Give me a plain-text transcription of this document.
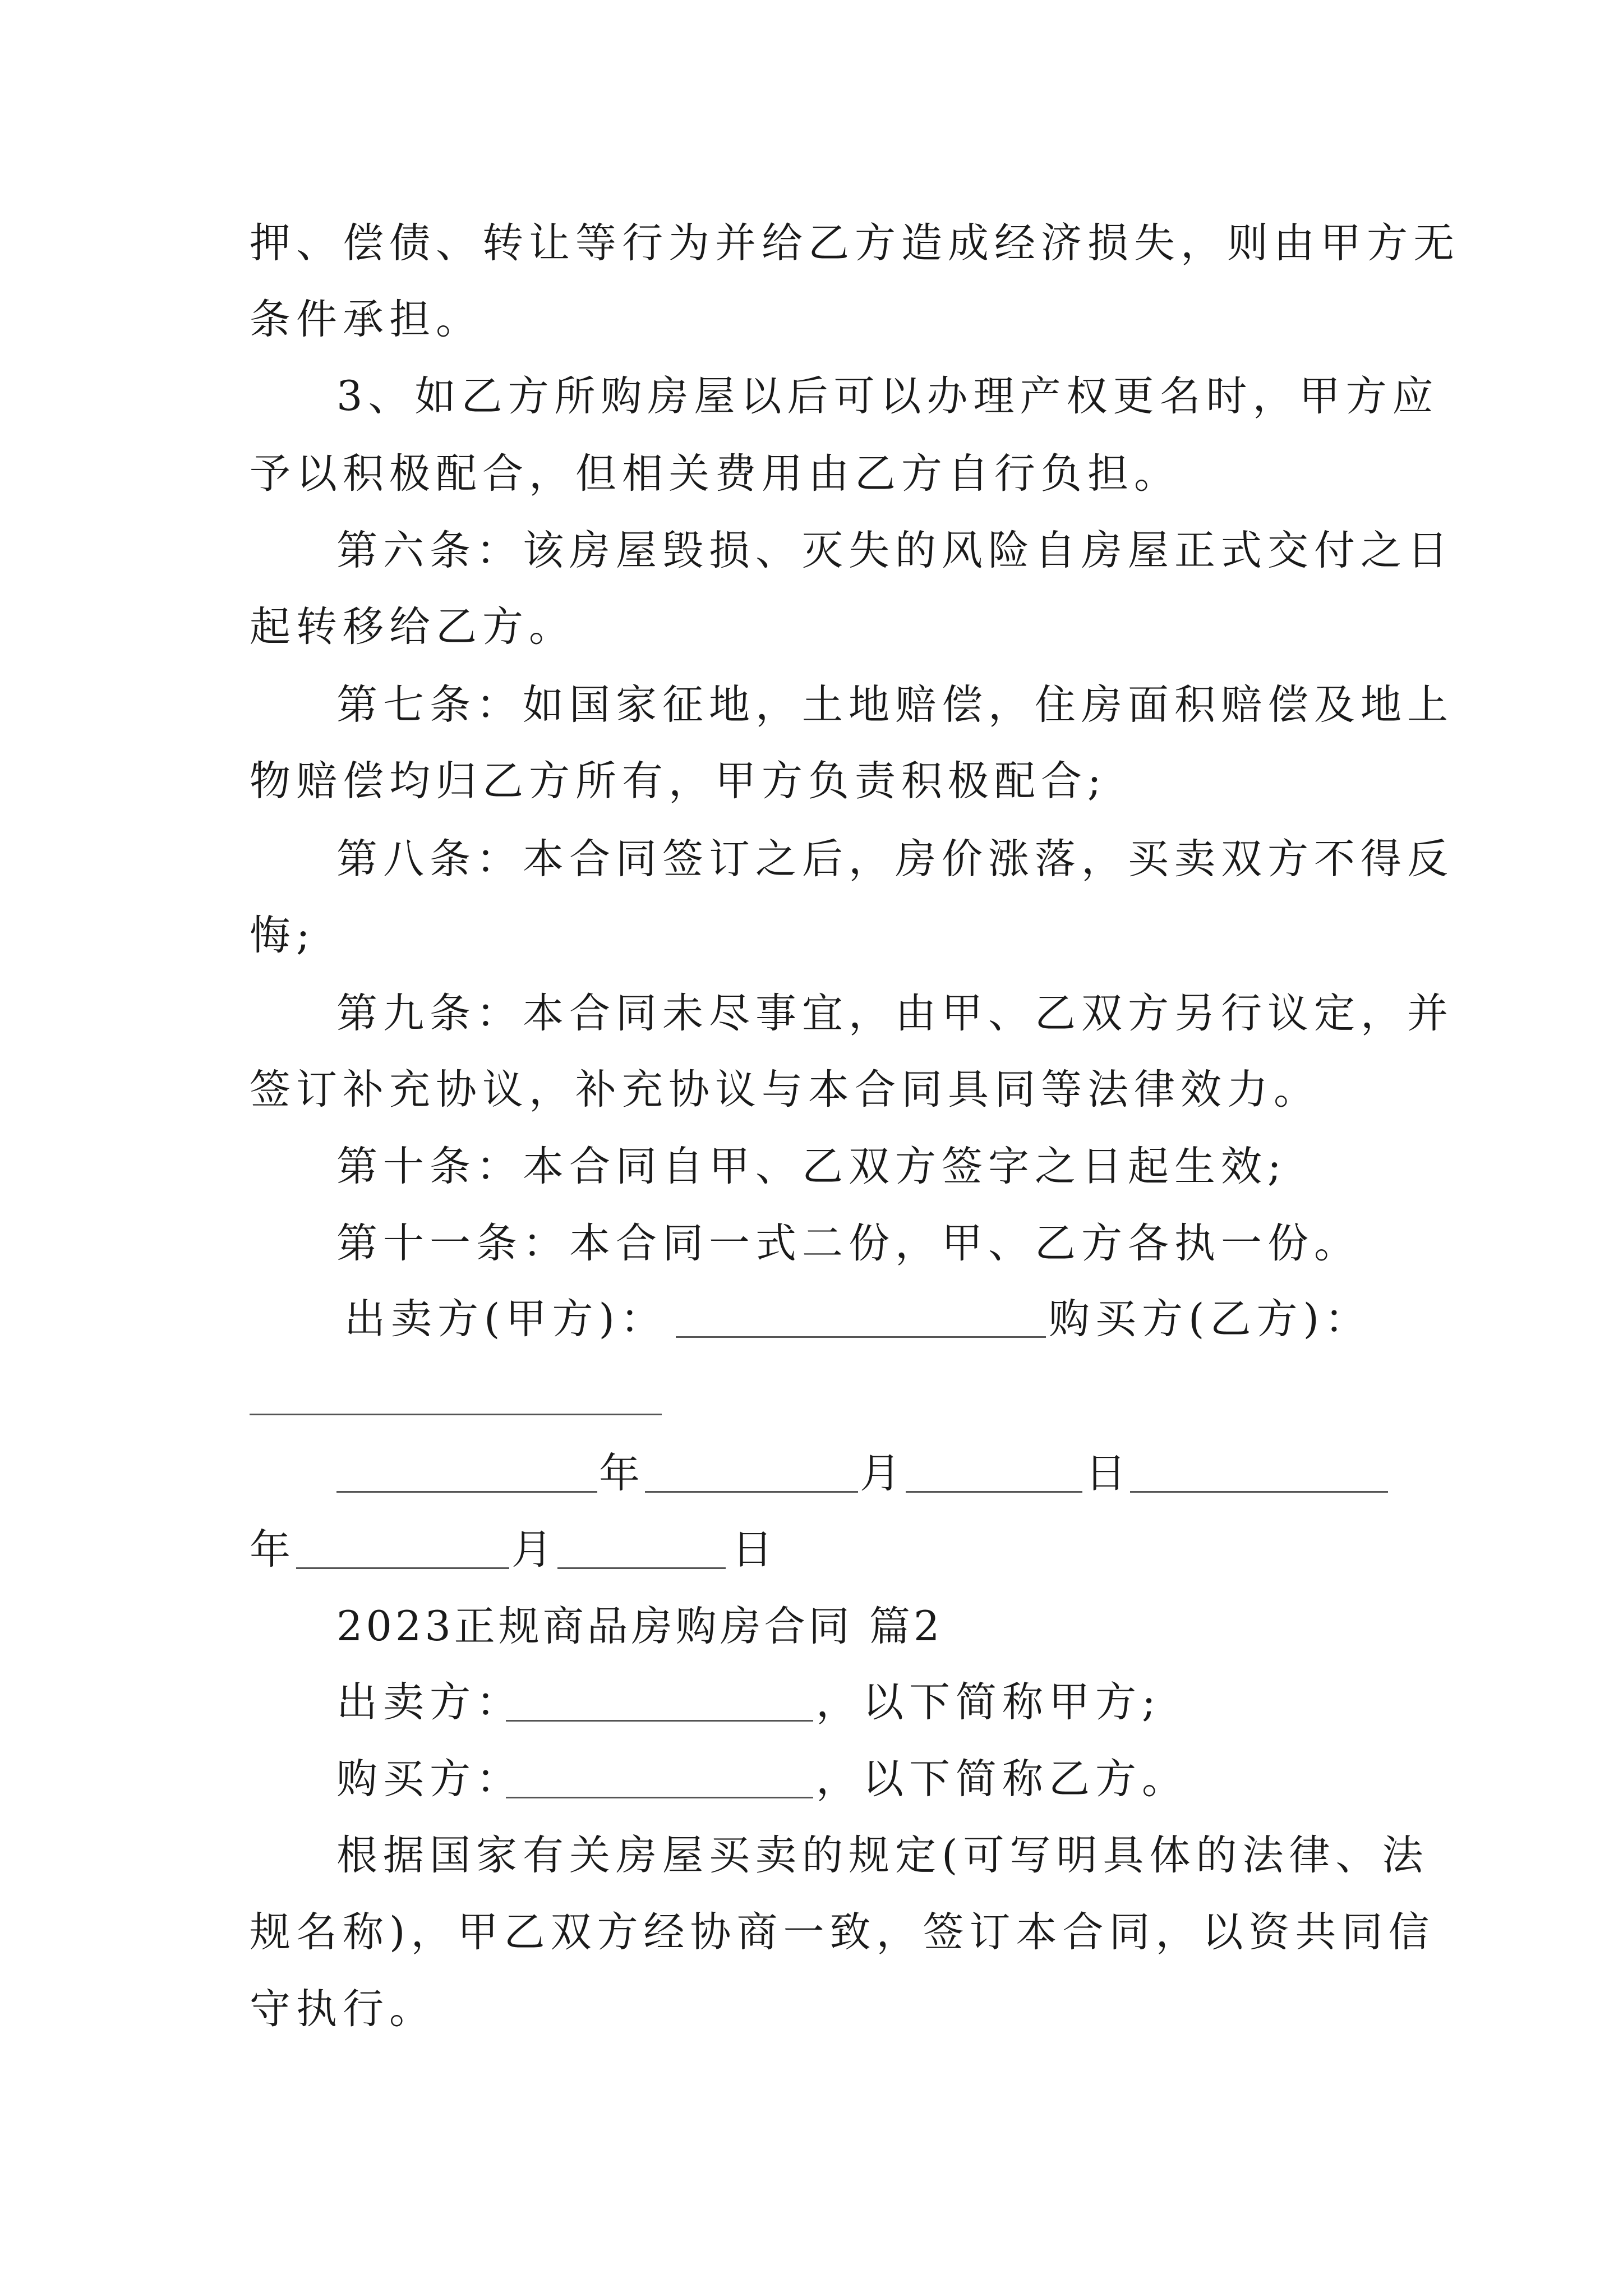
押、偿债、转让等行为并给乙方造成经济损失，则由甲方无
条件承担。
3、如乙方所购房屋以后可以办理产权更名时，甲方应
予以积极配合，但相关费用由乙方自行负担。
第六条：该房屋毁损、灭失的风险自房屋正式交付之日
起转移给乙方。
第七条：如国家征地，土地赔偿，住房面积赔偿及地上
物赔偿均归乙方所有，甲方负责积极配合;
第八条：本合同签订之后，房价涨落，买卖双方不得反
悔;
第九条：本合同未尽事宜，由甲、乙双方另行议定，并
签订补充协议，补充协议与本合同具同等法律效力。
第十条：本合同自甲、乙双方签字之日起生效;
第十一条：本合同一式二份，甲、乙方各执一份。
出卖方(甲方)：	购买方(乙方)：
年	月	日
年	月	日
2023正规商品房购房合同 篇2
出卖方：	，以下简称甲方;
购买方：	，以下简称乙方。
根据国家有关房屋买卖的规定(可写明具体的法律、法
规名称)，甲乙双方经协商一致，签订本合同，以资共同信
守执行。
